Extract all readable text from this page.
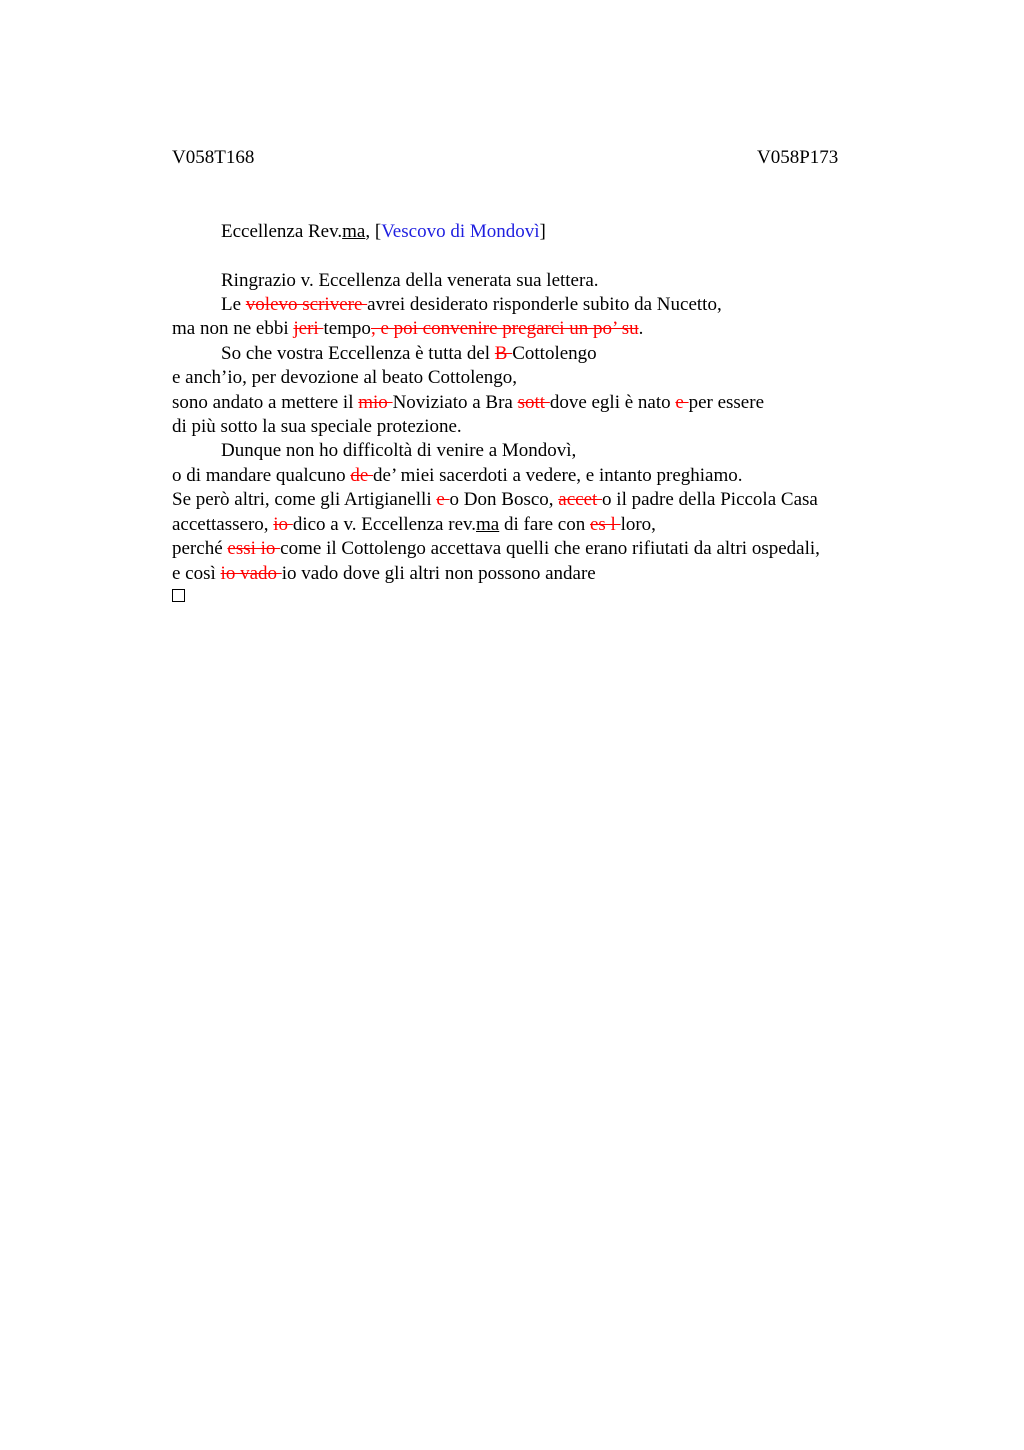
V058T168	V058P173
Eccellenza Rev.ma, [Vescovo di Mondovì]
Ringrazio v. Eccellenza della venerata sua lettera.
Le volevo scrivere avrei desiderato risponderle subito da Nucetto,
ma non ne ebbi jeri tempo, e poi convenire pregarci un po’ su.
So che vostra Eccellenza è tutta del B Cottolengo
e anch’io, per devozione al beato Cottolengo,
sono andato a mettere il mio Noviziato a Bra sott dove egli è nato e per essere
di più sotto la sua speciale protezione.
Dunque non ho difficoltà di venire a Mondovì,
o di mandare qualcuno de de’ miei sacerdoti a vedere, e intanto preghiamo.
Se però altri, come gli Artigianelli e o Don Bosco, accet o il padre della Piccola Casa
accettassero, io dico a v. Eccellenza rev.ma di fare con es l loro,
perché essi io come il Cottolengo accettava quelli che erano rifiutati da altri ospedali,
e così io vado io vado dove gli altri non possono andare
